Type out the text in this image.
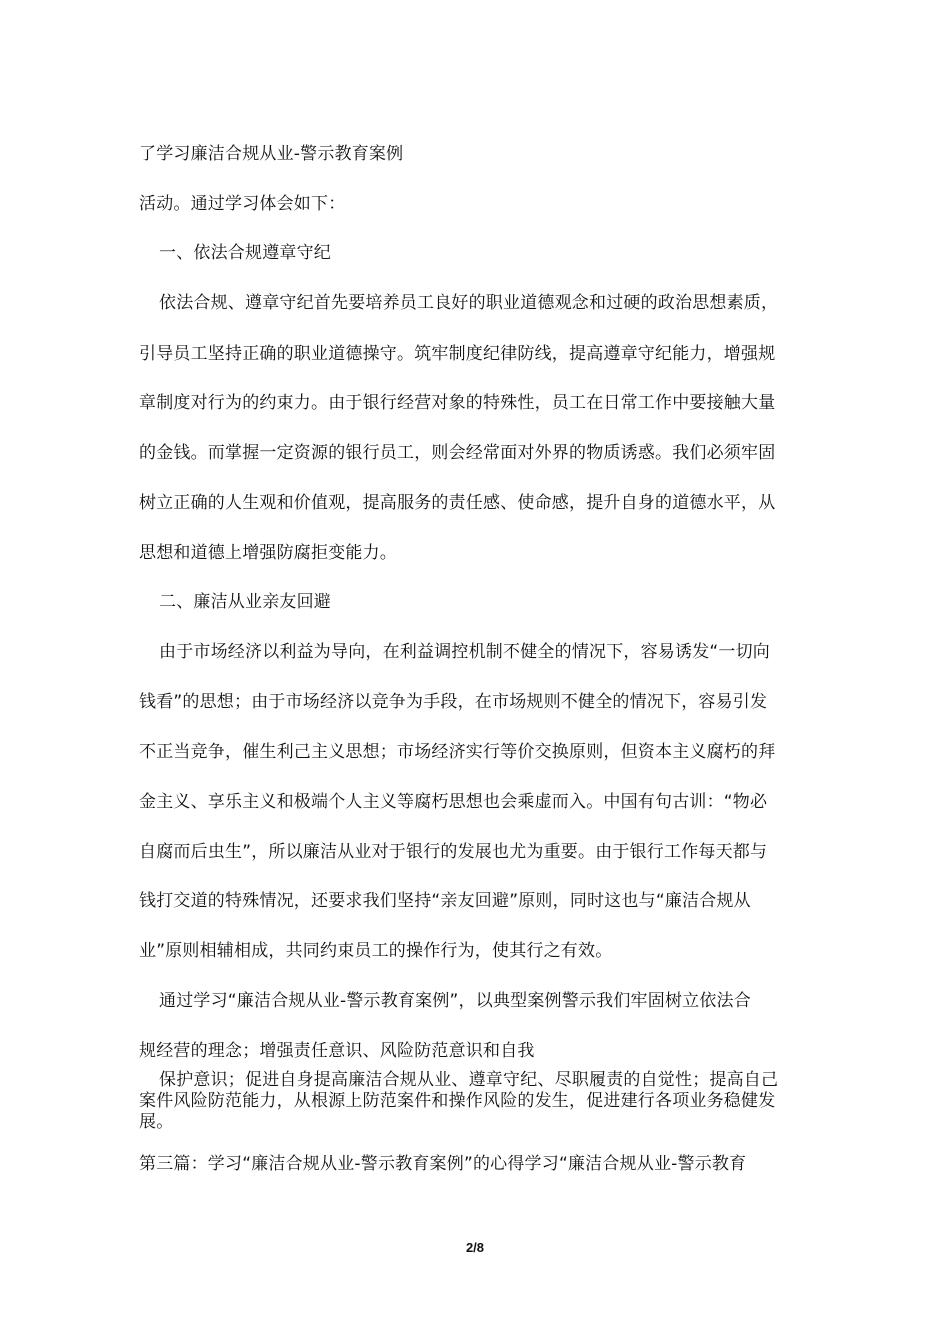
了学习廉洁合规从业-警示教育案例
活动。通过学习体会如下：
一、依法合规遵章守纪
依法合规、遵章守纪首先要培养员工良好的职业道德观念和过硬的政治思想素质，
引导员工坚持正确的职业道德操守。筑牢制度纪律防线，提高遵章守纪能力，增强规
章制度对行为的约束力。由于银行经营对象的特殊性，员工在日常工作中要接触大量
的金钱。而掌握一定资源的银行员工，则会经常面对外界的物质诱惑。我们必须牢固
树立正确的人生观和价值观，提高服务的责任感、使命感，提升自身的道德水平，从
思想和道德上增强防腐拒变能力。
二、廉洁从业亲友回避
由于市场经济以利益为导向，在利益调控机制不健全的情况下，容易诱发“一切向
钱看”的思想；由于市场经济以竞争为手段，在市场规则不健全的情况下，容易引发
不正当竞争，催生利己主义思想；市场经济实行等价交换原则，但资本主义腐朽的拜
金主义、享乐主义和极端个人主义等腐朽思想也会乘虚而入。中国有句古训：“物必
自腐而后虫生”，所以廉洁从业对于银行的发展也尤为重要。由于银行工作每天都与
钱打交道的特殊情况，还要求我们坚持“亲友回避”原则，同时这也与“廉洁合规从
业”原则相辅相成，共同约束员工的操作行为，使其行之有效。
通过学习“廉洁合规从业-警示教育案例”，以典型案例警示我们牢固树立依法合
规经营的理念；增强责任意识、风险防范意识和自我
保护意识；促进自身提高廉洁合规从业、遵章守纪、尽职履责的自觉性；提高自己
案件风险防范能力，从根源上防范案件和操作风险的发生，促进建行各项业务稳健发
展。
第三篇：学习“廉洁合规从业-警示教育案例”的心得学习“廉洁合规从业-警示教育
2/8
